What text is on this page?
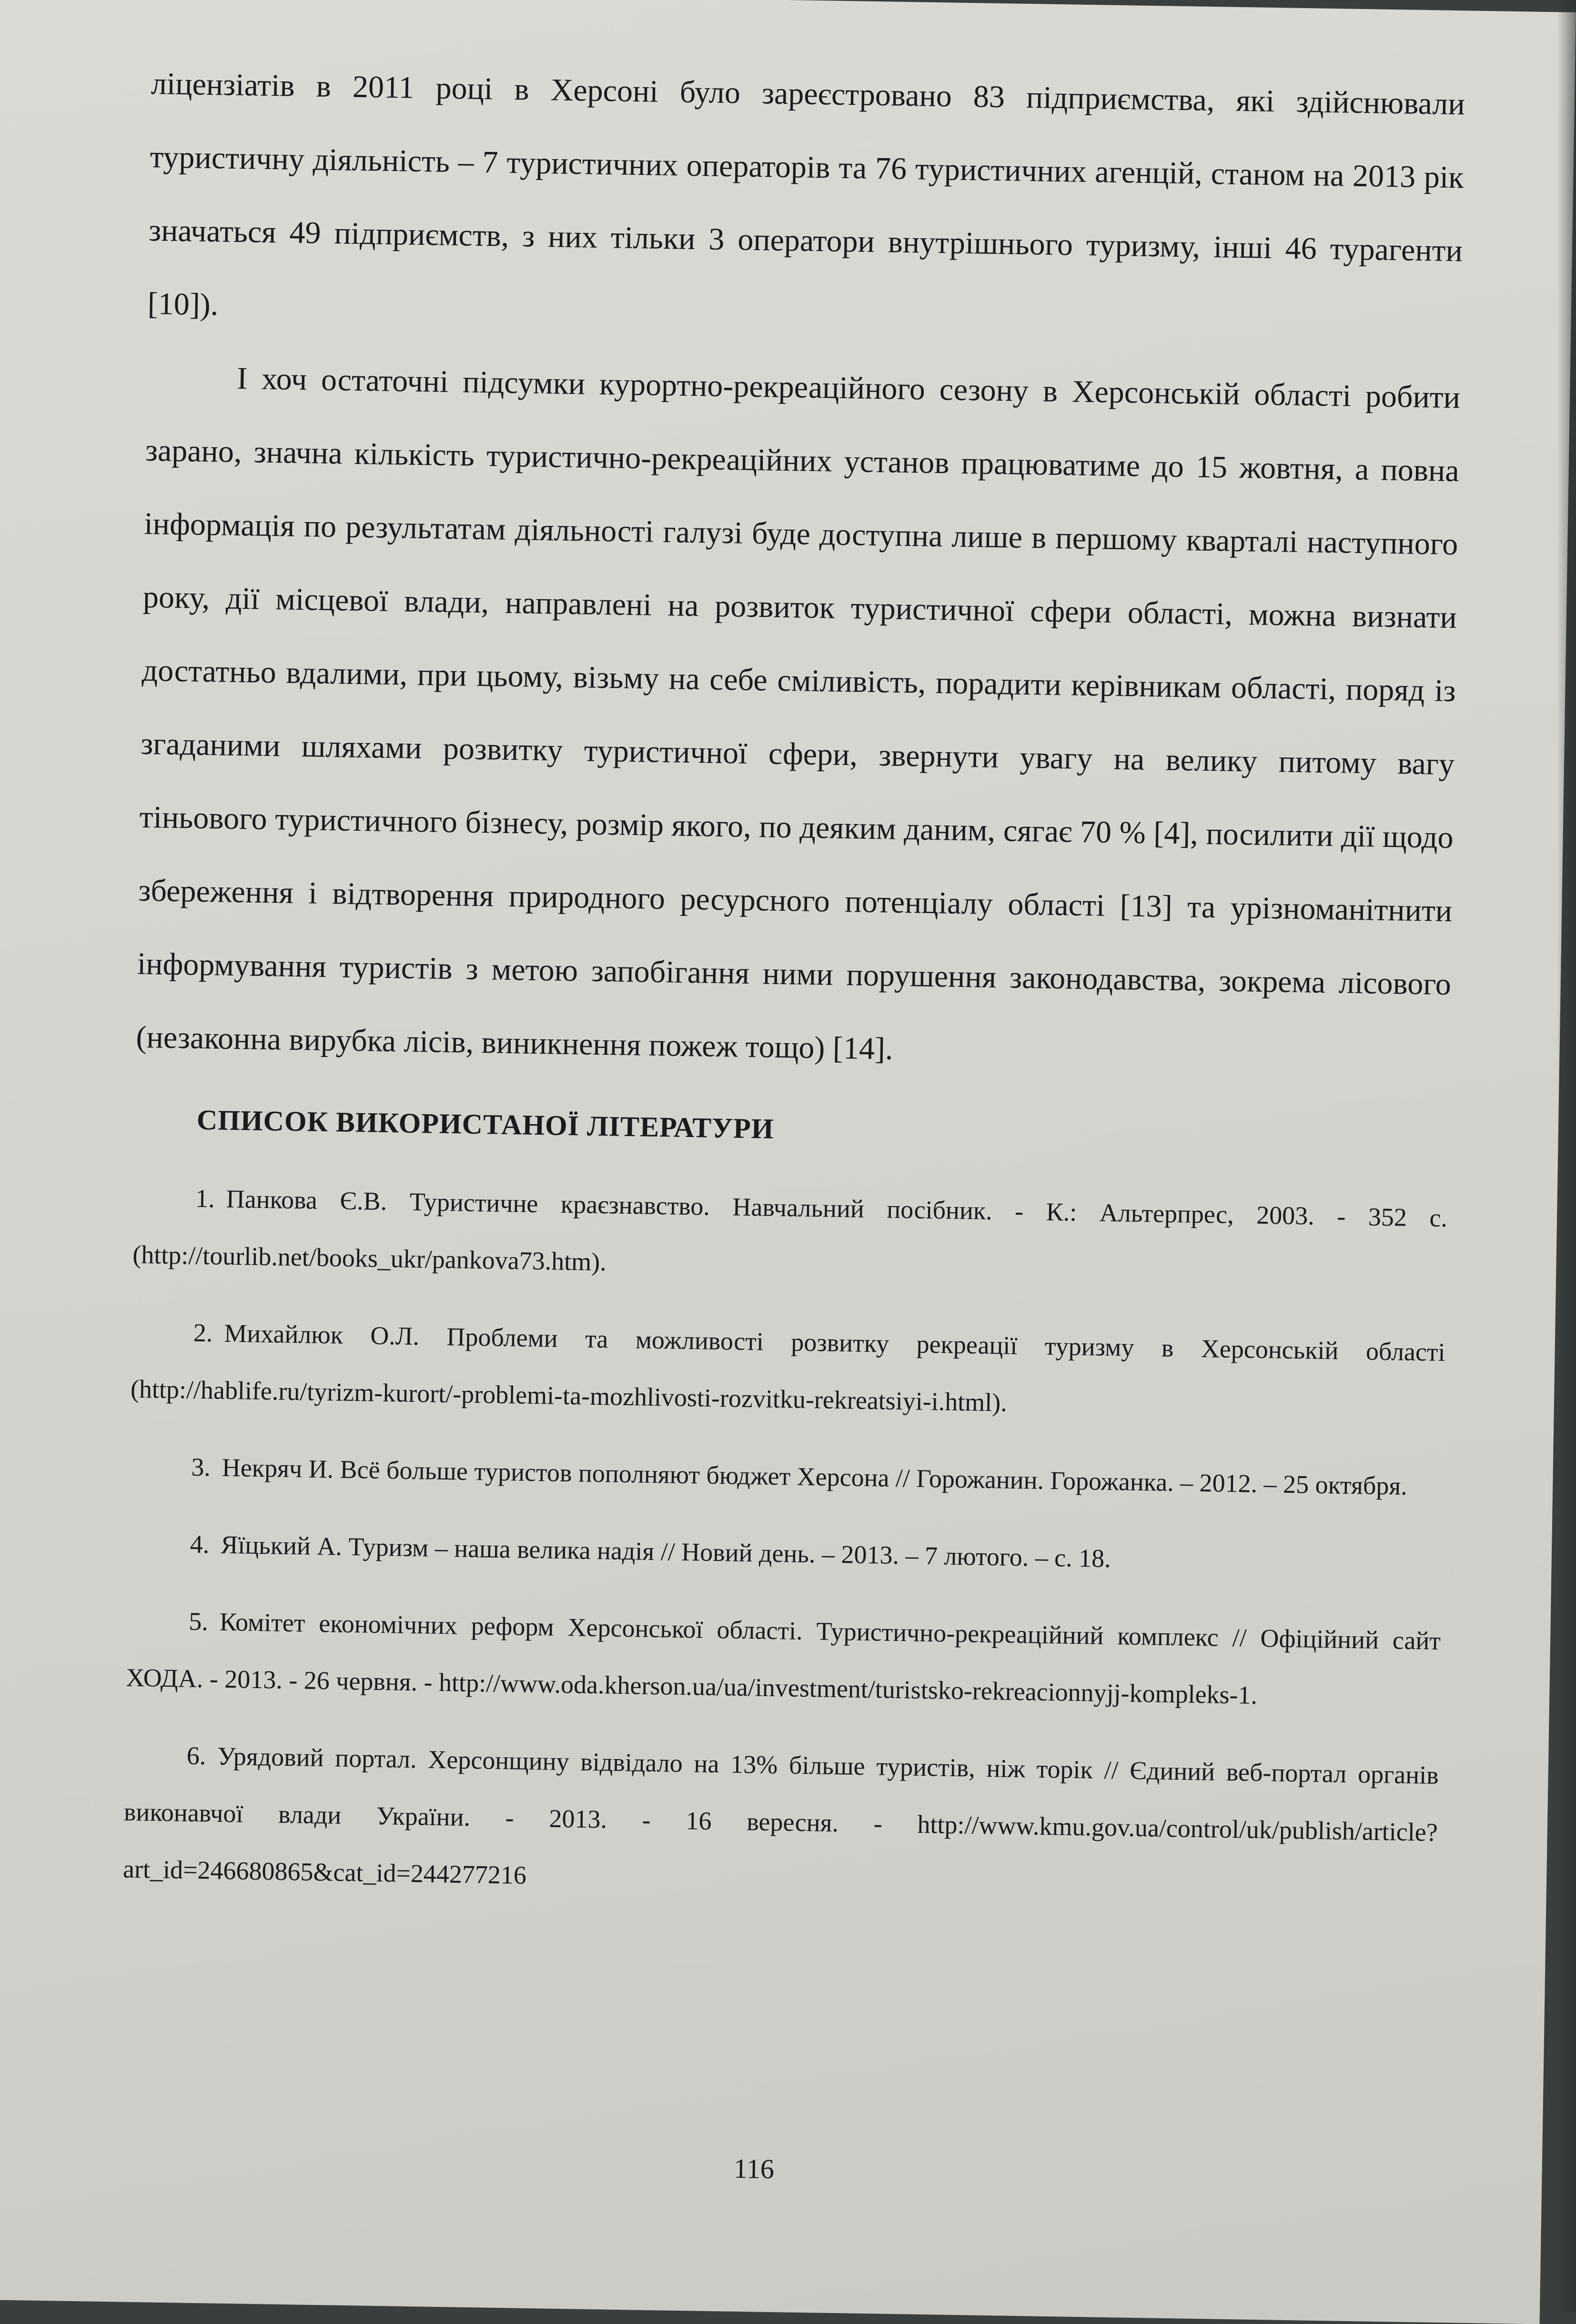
ліцензіатів в 2011 році в Херсоні було зареєстровано 83 підприємства, які здійснювали туристичну діяльність – 7 туристичних операторів та 76 туристичних агенцій, станом на 2013 рік значаться 49 підприємств, з них тільки 3 оператори внутрішнього туризму, інші 46 турагенти [10]).

І хоч остаточні підсумки курортно-рекреаційного сезону в Херсонській області робити зарано, значна кількість туристично-рекреаційних установ працюватиме до 15 жовтня, а повна інформація по результатам діяльності галузі буде доступна лише в першому кварталі наступного року, дії місцевої влади, направлені на розвиток туристичної сфери області, можна визнати достатньо вдалими, при цьому, візьму на себе сміливість, порадити керівникам області, поряд із згаданими шляхами розвитку туристичної сфери, звернути увагу на велику питому вагу тіньового туристичного бізнесу, розмір якого, по деяким даним, сягає 70 % [4], посилити дії щодо збереження і відтворення природного ресурсного потенціалу області [13] та урізноманітнити інформування туристів з метою запобігання ними порушення законодавства, зокрема лісового (незаконна вирубка лісів, виникнення пожеж тощо) [14].

СПИСОК ВИКОРИСТАНОЇ ЛІТЕРАТУРИ

1. Панкова Є.В. Туристичне краєзнавство. Навчальний посібник. - К.: Альтерпрес, 2003. - 352 с. (http://tourlib.net/books_ukr/pankova73.htm).

2. Михайлюк О.Л. Проблеми та можливості розвитку рекреації туризму в Херсонській області (http://hablife.ru/tyrizm-kurort/-problemi-ta-mozhlivosti-rozvitku-rekreatsiyi-i.html).

3. Некряч И. Всё больше туристов пополняют бюджет Херсона // Горожанин. Горожанка. – 2012. – 25 октября.

4. Яїцький А. Туризм – наша велика надія // Новий день. – 2013. – 7 лютого. – с. 18.

5. Комітет економічних реформ Херсонської області. Туристично-рекреаційний комплекс // Офіційний сайт ХОДА. - 2013. - 26 червня. - http://www.oda.kherson.ua/ua/investment/turistsko-rekreacionnyjj-kompleks-1.

6. Урядовий портал. Херсонщину відвідало на 13% більше туристів, ніж торік // Єдиний веб-портал органів виконавчої влади України. - 2013. - 16 вересня. - http://www.kmu.gov.ua/control/uk/publish/article?art_id=246680865&cat_id=244277216

116
